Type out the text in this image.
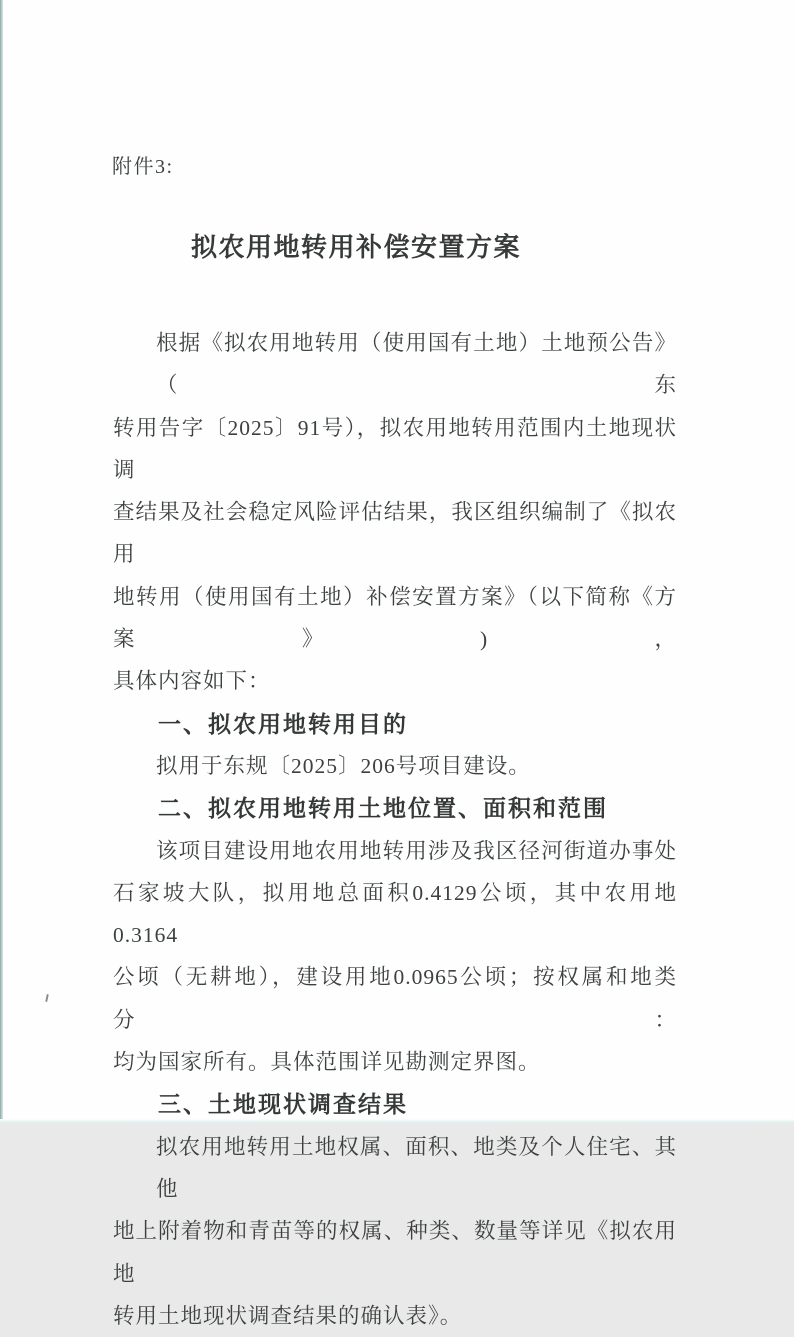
附件3:
拟农用地转用补偿安置方案
根据《拟农用地转用（使用国有土地）土地预公告》（东
转用告字〔2025〕91号），拟农用地转用范围内土地现状调
查结果及社会稳定风险评估结果，我区组织编制了《拟农用
地转用（使用国有土地）补偿安置方案》（以下简称《方案》)，
具体内容如下：
一、拟农用地转用目的
拟用于东规〔2025〕206号项目建设。
二、拟农用地转用土地位置、面积和范围
该项目建设用地农用地转用涉及我区径河街道办事处
石家坡大队，拟用地总面积0.4129公顷，其中农用地0.3164
公顷（无耕地），建设用地0.0965公顷；按权属和地类分：
均为国家所有。具体范围详见勘测定界图。
三、土地现状调查结果
拟农用地转用土地权属、面积、地类及个人住宅、其他
地上附着物和青苗等的权属、种类、数量等详见《拟农用地
转用土地现状调查结果的确认表》。
